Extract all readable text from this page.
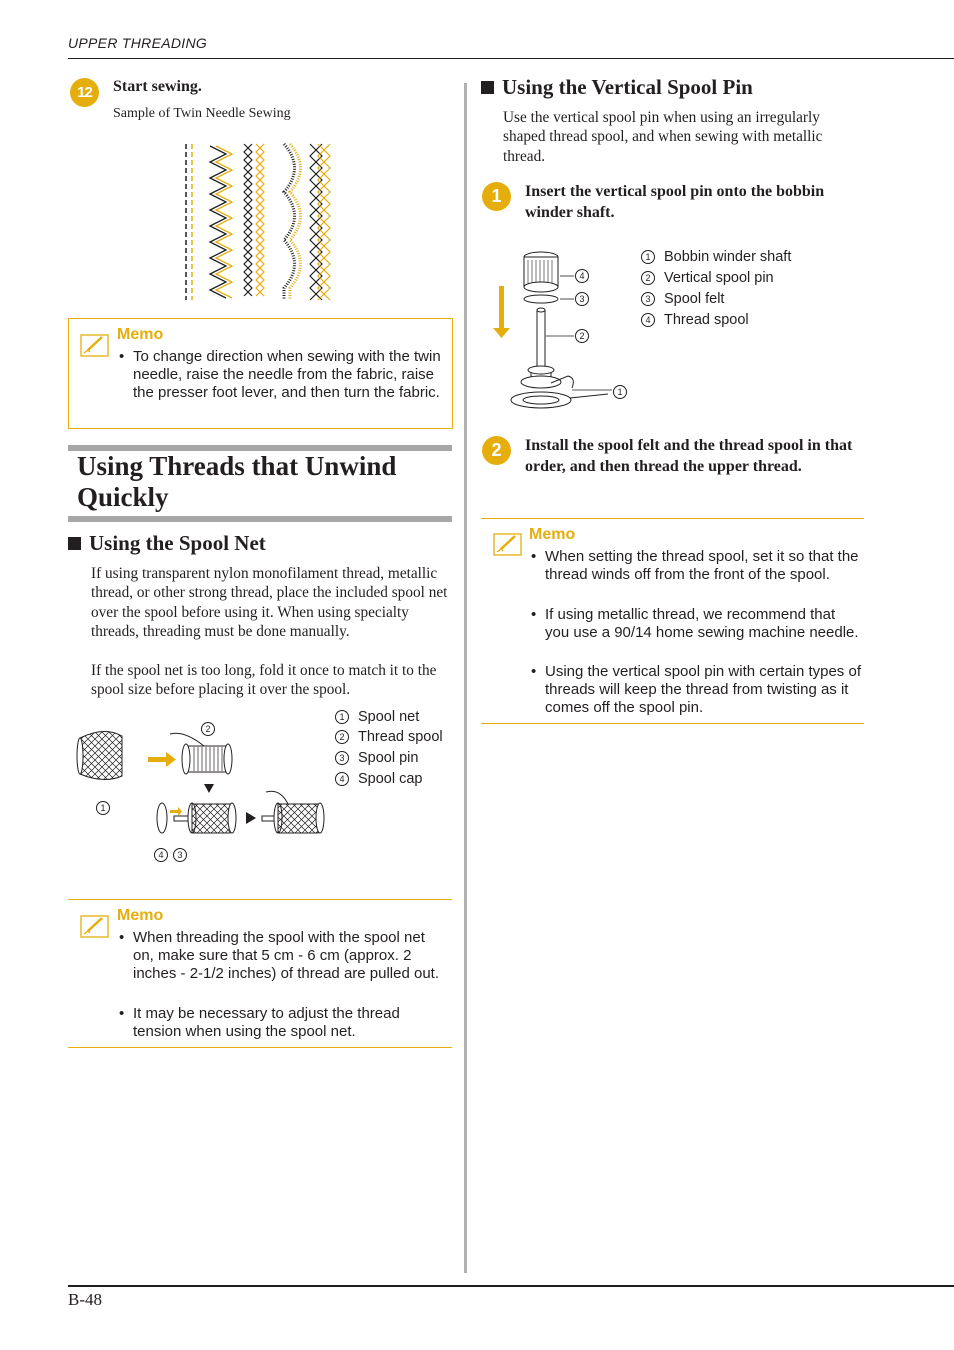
UPPER THREADING
B-48
12	Start sewing.
Sample of Twin Needle Sewing
Memo
• To change direction when sewing with the twin needle, raise the needle from the fabric, raise the presser foot lever, and then turn the fabric.
Using Threads that Unwind Quickly
Using the Spool Net
If using transparent nylon monofilament thread, metallic thread, or other strong thread, place the included spool net over the spool before using it. When using specialty threads, threading must be done manually.
If the spool net is too long, fold it once to match it to the spool size before placing it over the spool.
2
1
4	3
1 Spool net
2 Thread spool
3 Spool pin
4 Spool cap
Memo
• When threading the spool with the spool net on, make sure that 5 cm - 6 cm (approx. 2 inches - 2-1/2 inches) of thread are pulled out.
• It may be necessary to adjust the thread tension when using the spool net.
Using the Vertical Spool Pin
Use the vertical spool pin when using an irregularly shaped thread spool, and when sewing with metallic thread.
1	Insert the vertical spool pin onto the bobbin winder shaft.
4
3
2
1
1 Bobbin winder shaft
2 Vertical spool pin
3 Spool felt
4 Thread spool
2	Install the spool felt and the thread spool in that order, and then thread the upper thread.
Memo
• When setting the thread spool, set it so that the thread winds off from the front of the spool.
• If using metallic thread, we recommend that you use a 90/14 home sewing machine needle.
• Using the vertical spool pin with certain types of threads will keep the thread from twisting as it comes off the spool pin.
